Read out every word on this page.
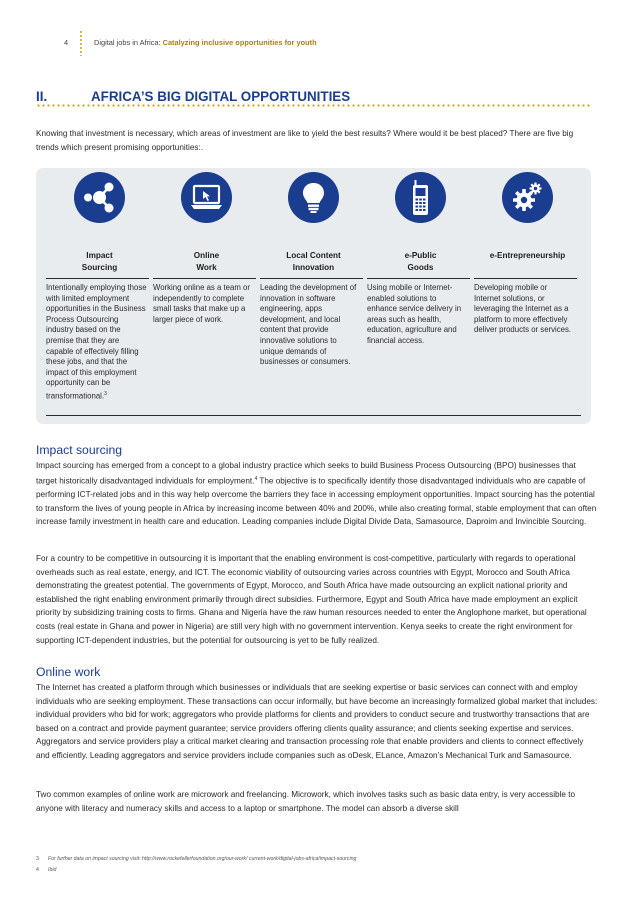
4	Digital jobs in Africa: Catalyzing inclusive opportunities for youth
II.	AFRICA’S BIG DIGITAL OPPORTUNITIES

Knowing that investment is necessary, which areas of investment are like to yield the best results? Where would it be best placed? There are five big trends which present promising opportunities:.

Impact
Sourcing
Intentionally employing those with limited employment opportunities in the Business Process Outsourcing industry based on the premise that they are capable of effectively filling these jobs, and that the impact of this employment opportunity can be transformational.$^3$
Online
Work
Working online as a team or independently to complete small tasks that make up a larger piece of work.
Local Content
Innovation
Leading the development of innovation in software engineering, apps development, and local content that provide innovative solutions to unique demands of businesses or consumers.
e-Public
Goods
Using mobile or Internet-enabled solutions to enhance service delivery in areas such as health, education, agriculture and financial access.
e-Entrepreneurship

Developing mobile or Internet solutions, or leveraging the Internet as a platform to more effectively deliver products or services.
Impact sourcing

Impact sourcing has emerged from a concept to a global industry practice which seeks to build Business Process Outsourcing (BPO) businesses that target historically disadvantaged individuals for employment.$^4$ The objective is to specifically identify those disadvantaged individuals who are capable of performing ICT-related jobs and in this way help overcome the barriers they face in accessing employment opportunities. Impact sourcing has the potential to transform the lives of young people in Africa by increasing income between 40% and 200%, while also creating formal, stable employment that can often increase family investment in health care and education. Leading companies include Digital Divide Data, Samasource, Daproim and Invincible Sourcing.

For a country to be competitive in outsourcing it is important that the enabling environment is cost-competitive, particularly with regards to operational overheads such as real estate, energy, and ICT. The economic viability of outsourcing varies across countries with Egypt, Morocco and South Africa demonstrating the greatest potential. The governments of Egypt, Morocco, and South Africa have made outsourcing an explicit national priority and established the right enabling environment primarily through direct subsidies. Furthermore, Egypt and South Africa have made employment an explicit priority by subsidizing training costs to firms. Ghana and Nigeria have the raw human resources needed to enter the Anglophone market, but operational costs (real estate in Ghana and power in Nigeria) are still very high with no government intervention. Kenya seeks to create the right environment for supporting ICT-dependent industries, but the potential for outsourcing is yet to be fully realized.

Online work

The Internet has created a platform through which businesses or individuals that are seeking expertise or basic services can connect with and employ individuals who are seeking employment. These transactions can occur informally, but have become an increasingly formalized global market that includes: individual providers who bid for work; aggregators who provide platforms for clients and providers to conduct secure and trustworthy transactions that are based on a contract and provide payment guarantee; service providers offering clients quality assurance; and clients seeking expertise and services. Aggregators and service providers play a critical market clearing and transaction processing role that enable providers and clients to connect effectively and efficiently. Leading aggregators and service providers include companies such as oDesk, ELance, Amazon’s Mechanical Turk and Samasource.

Two common examples of online work are microwork and freelancing. Microwork, which involves tasks such as basic data entry, is very accessible to anyone with literacy and numeracy skills and access to a laptop or smartphone. The model can absorb a diverse skill

3 For further data on impact sourcing visit: http://www.rockefellerfoundation.org/our-work/ current-work/digital-jobs-africa/impact-sourcing
4 Ibid
